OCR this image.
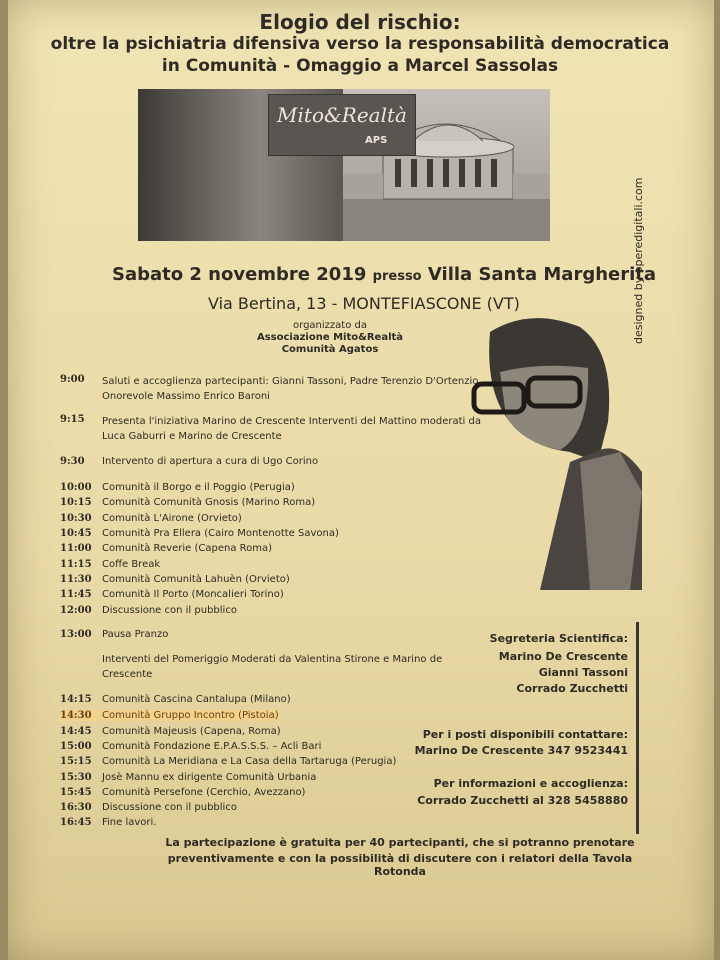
Elogio del rischio:
oltre la psichiatria difensiva verso la responsabilità democratica
in Comunità - Omaggio a Marcel Sassolas
Mito&Realtà
APS
Sabato 2 novembre 2019 presso Villa Santa Margherita
Via Bertina, 13 - MONTEFIASCONE (VT)
organizzato da
Associazione Mito&Realtà
Comunità Agatos
designed by operedigitali.com
9:00	Saluti e accoglienza partecipanti: Gianni Tassoni, Padre Terenzio D'Ortenzio, Onorevole Massimo Enrico Baroni
9:15	Presenta l'iniziativa Marino de Crescente Interventi del Mattino moderati da Luca Gaburri e Marino de Crescente
9:30	Intervento di apertura a cura di Ugo Corino
10:00	Comunità il Borgo e il Poggio (Perugia)
10:15	Comunità Comunità Gnosis (Marino Roma)
10:30	Comunità L'Airone (Orvieto)
10:45	Comunità Pra Ellera (Cairo Montenotte Savona)
11:00	Comunità Reverie (Capena Roma)
11:15	Coffe Break
11:30	Comunità Comunità Lahuèn (Orvieto)
11:45	Comunità Il Porto (Moncalieri Torino)
12:00	Discussione con il pubblico
13:00	Pausa Pranzo
Interventi del Pomeriggio Moderati da Valentina Stirone e Marino de Crescente
14:15	Comunità Cascina Cantalupa (Milano)
14:30	Comunità Gruppo Incontro (Pistoia)
14:45	Comunità Majeusis (Capena, Roma)
15:00	Comunità Fondazione E.P.A.S.S.S. – Acli Bari
15:15	Comunità La Meridiana e La Casa della Tartaruga (Perugia)
15:30	Josè Mannu ex dirigente Comunità Urbania
15:45	Comunità Persefone (Cerchio, Avezzano)
16:30	Discussione con il pubblico
16:45	Fine lavori.
Segreteria Scientifica:
Marino De Crescente
Gianni Tassoni
Corrado Zucchetti
Per i posti disponibili contattare:
Marino De Crescente 347 9523441
Per informazioni e accoglienza:
Corrado Zucchetti al 328 5458880
La partecipazione è gratuita per 40 partecipanti, che si potranno prenotare
preventivamente e con la possibilità di discutere con i relatori della Tavola Rotonda
